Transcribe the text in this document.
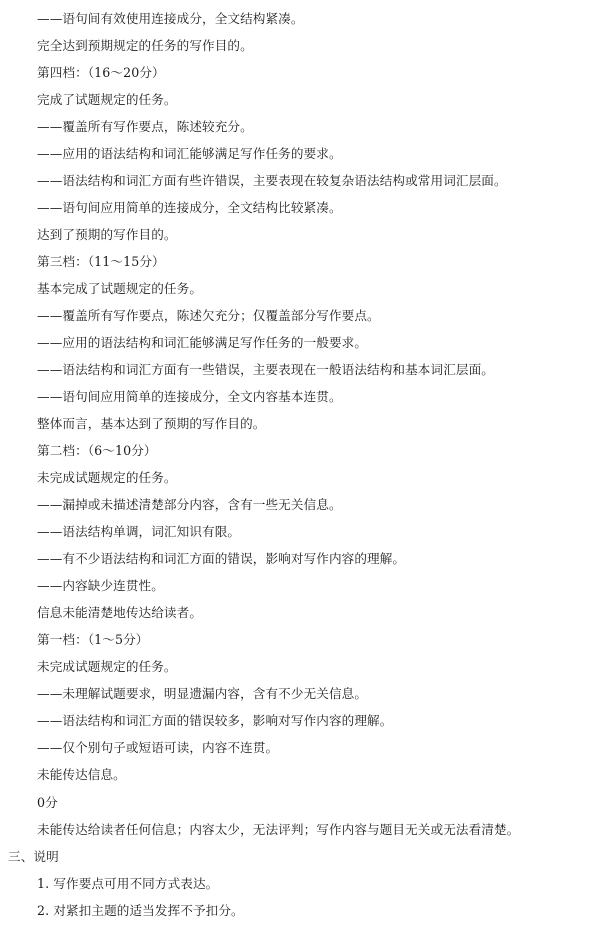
——语句间有效使用连接成分，全文结构紧凑。
完全达到预期规定的任务的写作目的。
第四档：（16～20分）
完成了试题规定的任务。
——覆盖所有写作要点，陈述较充分。
——应用的语法结构和词汇能够满足写作任务的要求。
——语法结构和词汇方面有些许错误，主要表现在较复杂语法结构或常用词汇层面。
——语句间应用简单的连接成分，全文结构比较紧凑。
达到了预期的写作目的。
第三档：（11～15分）
基本完成了试题规定的任务。
——覆盖所有写作要点，陈述欠充分；仅覆盖部分写作要点。
——应用的语法结构和词汇能够满足写作任务的一般要求。
——语法结构和词汇方面有一些错误，主要表现在一般语法结构和基本词汇层面。
——语句间应用简单的连接成分，全文内容基本连贯。
整体而言，基本达到了预期的写作目的。
第二档：（6～10分）
未完成试题规定的任务。
——漏掉或未描述清楚部分内容，含有一些无关信息。
——语法结构单调，词汇知识有限。
——有不少语法结构和词汇方面的错误，影响对写作内容的理解。
——内容缺少连贯性。
信息未能清楚地传达给读者。
第一档：（1～5分）
未完成试题规定的任务。
——未理解试题要求，明显遗漏内容，含有不少无关信息。
——语法结构和词汇方面的错误较多，影响对写作内容的理解。
——仅个别句子或短语可读，内容不连贯。
未能传达信息。
0分
未能传达给读者任何信息；内容太少，无法评判；写作内容与题目无关或无法看清楚。
三、说明
1. 写作要点可用不同方式表达。
2. 对紧扣主题的适当发挥不予扣分。
